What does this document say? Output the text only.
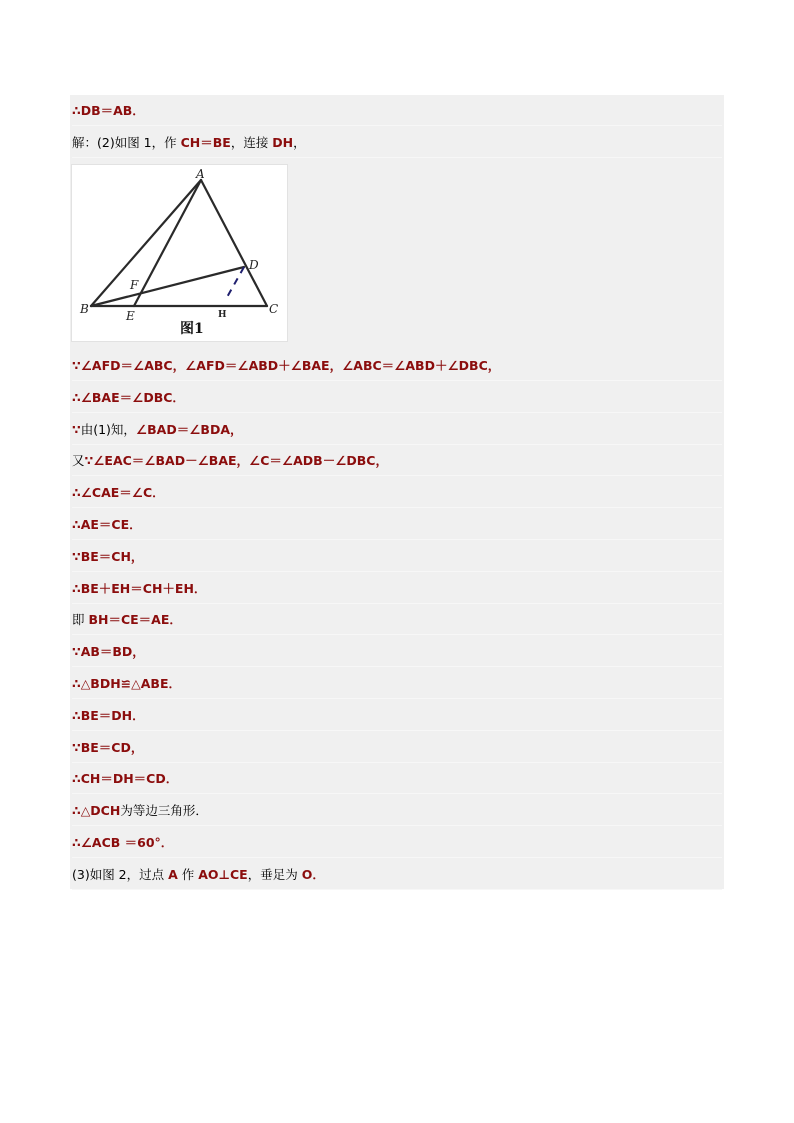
∴DB＝AB．
解：(2)如图 1，作 CH＝BE，连接 DH，
A
B	C
D
E
F
H
图1
∵∠AFD＝∠ABC，∠AFD＝∠ABD＋∠BAE，∠ABC＝∠ABD＋∠DBC，
∴∠BAE＝∠DBC．
∵由(1)知，∠BAD＝∠BDA，
又∵∠EAC＝∠BAD－∠BAE，∠C＝∠ADB－∠DBC，
∴∠CAE＝∠C．
∴AE＝CE．
∵BE＝CH，
∴BE＋EH＝CH＋EH．
即 BH＝CE＝AE．
∵AB＝BD，
∴△BDH≌△ABE．
∴BE＝DH．
∵BE＝CD，
∴CH＝DH＝CD．
∴△DCH为等边三角形．
∴∠ACB ＝60°．
(3)如图 2，过点 A 作 AO⊥CE，垂足为 O．
